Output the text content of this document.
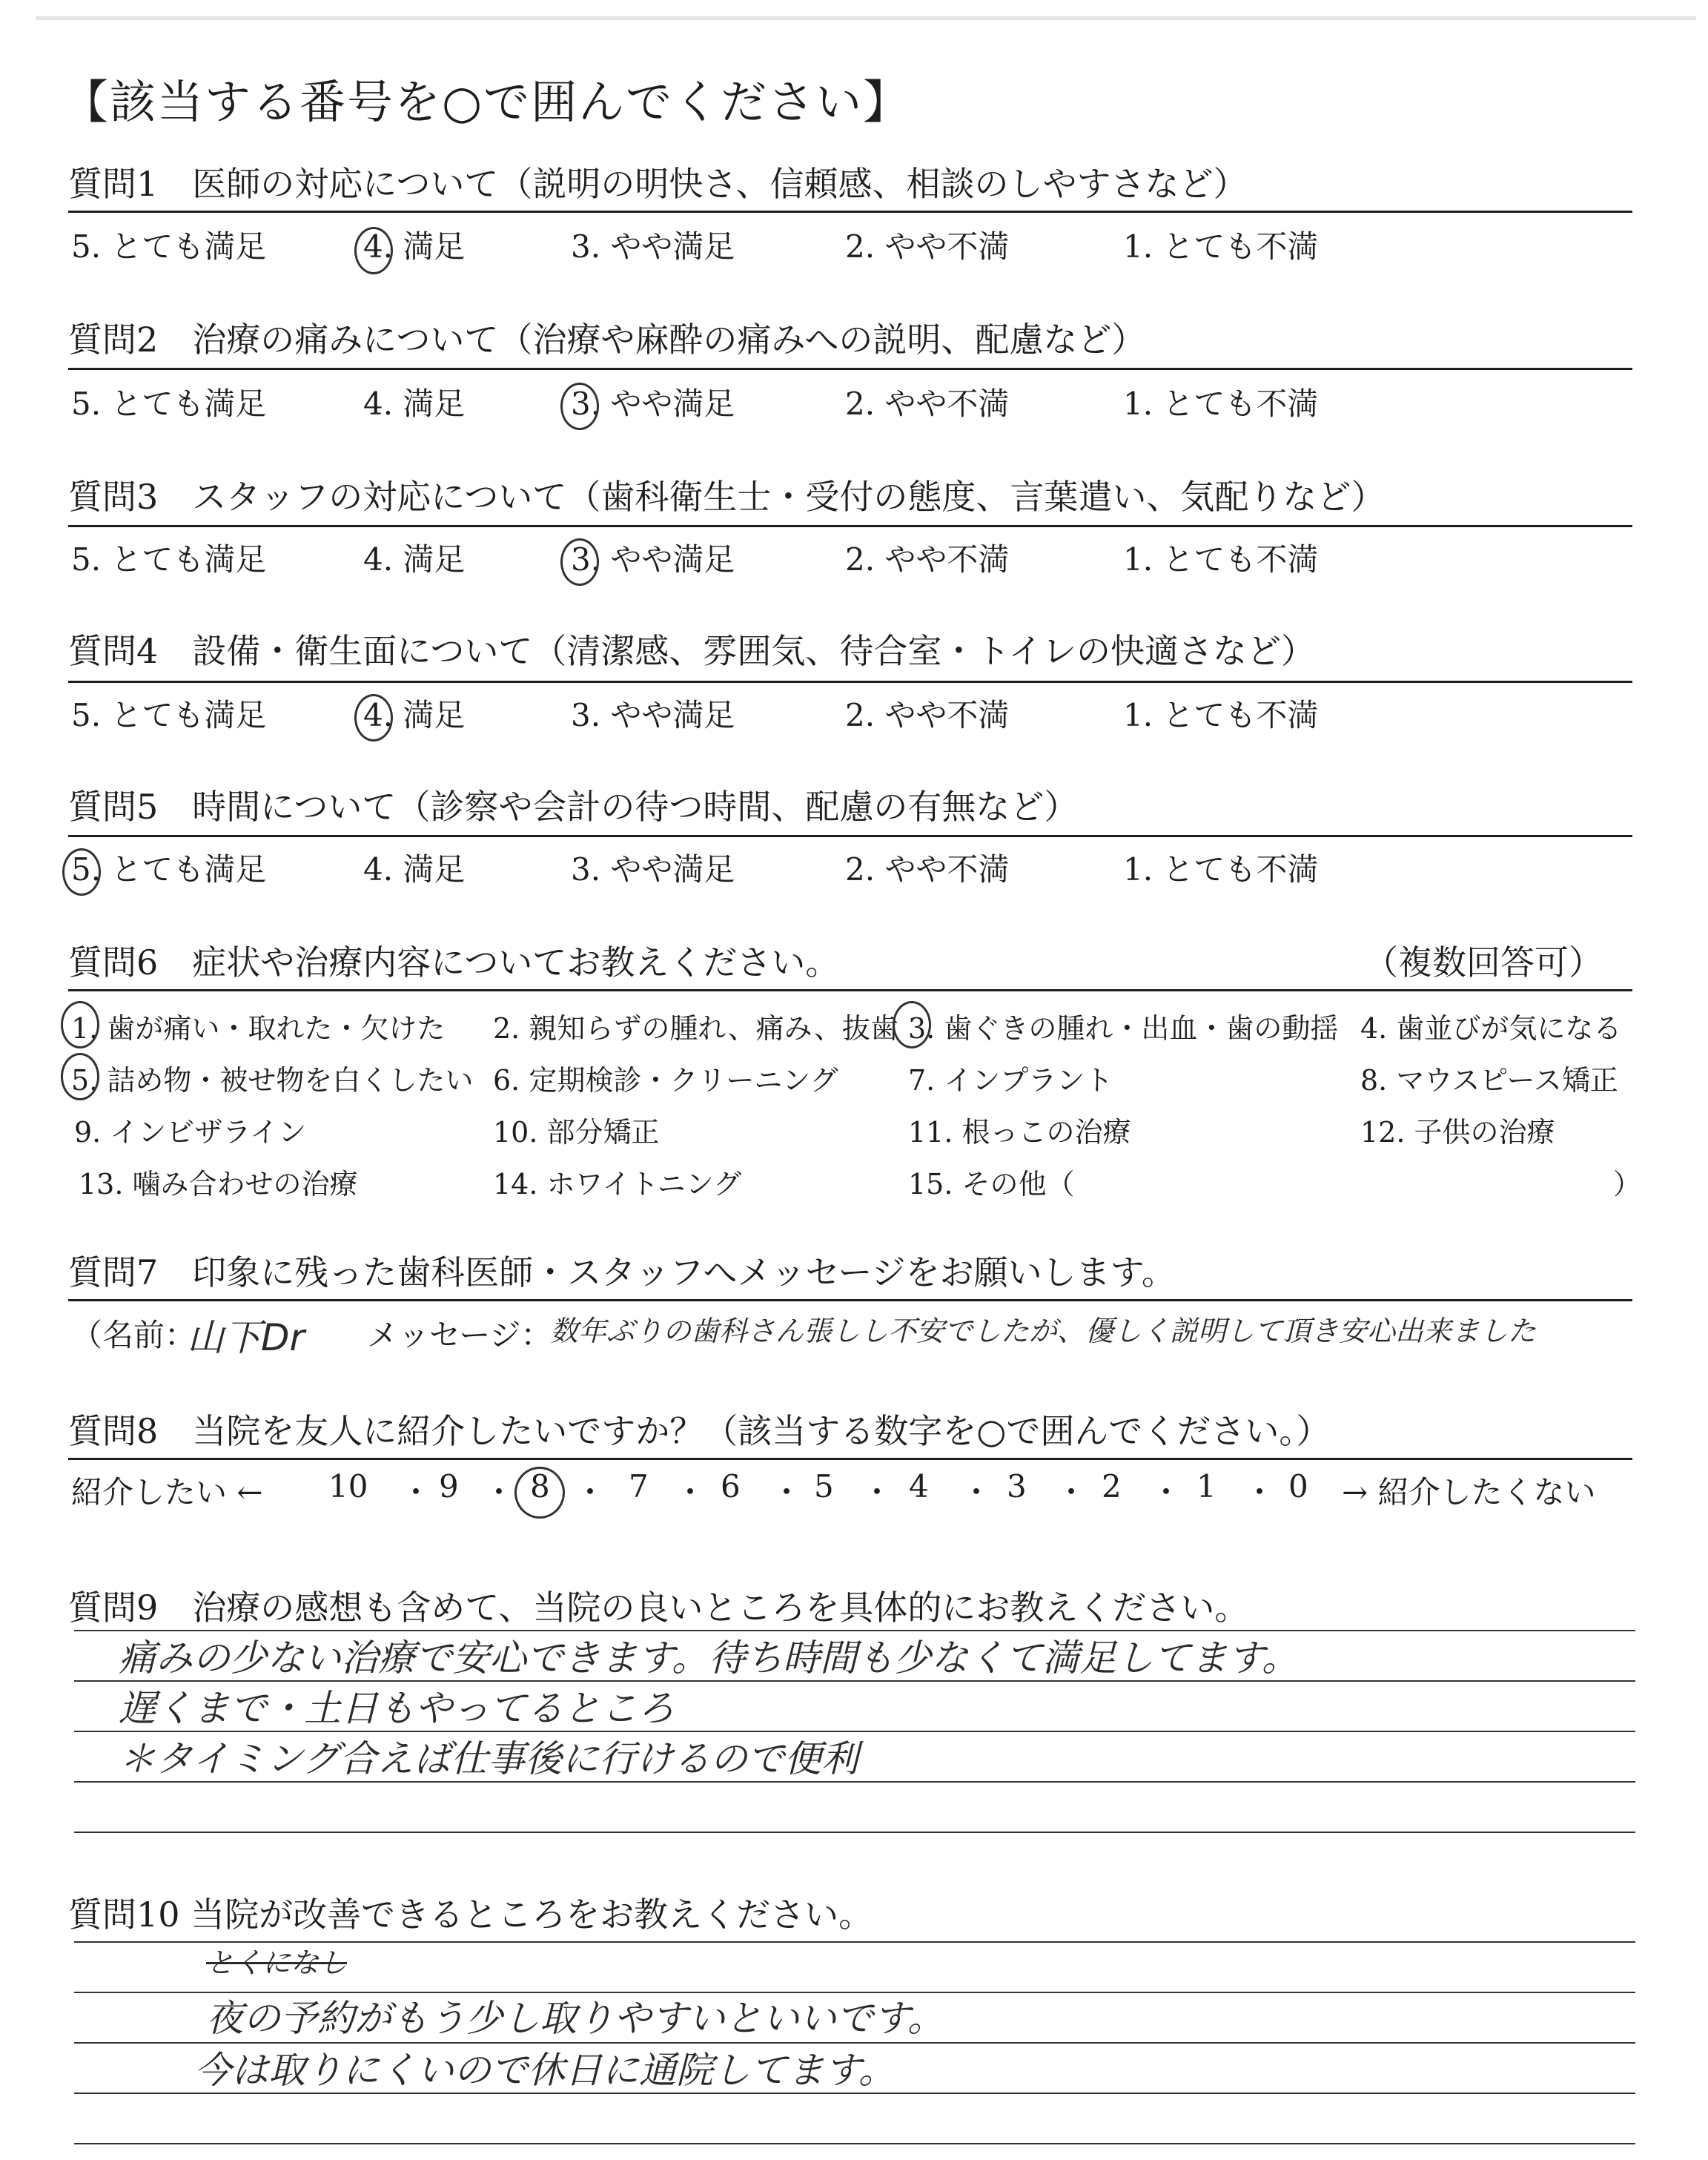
【該当する番号を○で囲んでください】
質問1　医師の対応について（説明の明快さ、信頼感、相談のしやすさなど）
5. とても満足	4. 満足	3. やや満足	2. やや不満	1. とても不満
質問2　治療の痛みについて（治療や麻酔の痛みへの説明、配慮など）
5. とても満足	4. 満足	3. やや満足	2. やや不満	1. とても不満
質問3　スタッフの対応について（歯科衛生士・受付の態度、言葉遣い、気配りなど）
5. とても満足	4. 満足	3. やや満足	2. やや不満	1. とても不満
質問4　設備・衛生面について（清潔感、雰囲気、待合室・トイレの快適さなど）
5. とても満足	4. 満足	3. やや満足	2. やや不満	1. とても不満
質問5　時間について（診察や会計の待つ時間、配慮の有無など）
5. とても満足	4. 満足	3. やや満足	2. やや不満	1. とても不満
質問6　症状や治療内容についてお教えください。	（複数回答可）
1. 歯が痛い・取れた・欠けた 2. 親知らずの腫れ、痛み、抜歯 3. 歯ぐきの腫れ・出血・歯の動揺 4. 歯並びが気になる
5. 詰め物・被せ物を白くしたい 6. 定期検診・クリーニング 7. インプラント	8. マウスピース矯正
9. インビザライン	10. 部分矯正	11. 根っこの治療	12. 子供の治療
13. 噛み合わせの治療	14. ホワイトニング	15. その他（	）
質問7　印象に残った歯科医師・スタッフへメッセージをお願いします。
（名前：
山下Dr メッセージ：
数年ぶりの歯科さん張しし不安でしたが、優しく説明して頂き安心出来ました
質問8　当院を友人に紹介したいですか？（該当する数字を○で囲んでください。）
紹介したい ← 10 ・ 9 ・ 8 ・ 7 ・ 6 ・ 5 ・ 4 ・ 3 ・ 2 ・ 1 ・ 0 → 紹介したくない
質問9　治療の感想も含めて、当院の良いところを具体的にお教えください。
痛みの少ない治療で安心できます。待ち時間も少なくて満足してます。
遅くまで・土日もやってるところ
＊タイミング合えば仕事後に行けるので便利
質問10 当院が改善できるところをお教えください。
とくになし
夜の予約がもう少し取りやすいといいです。
今は取りにくいので休日に通院してます。
